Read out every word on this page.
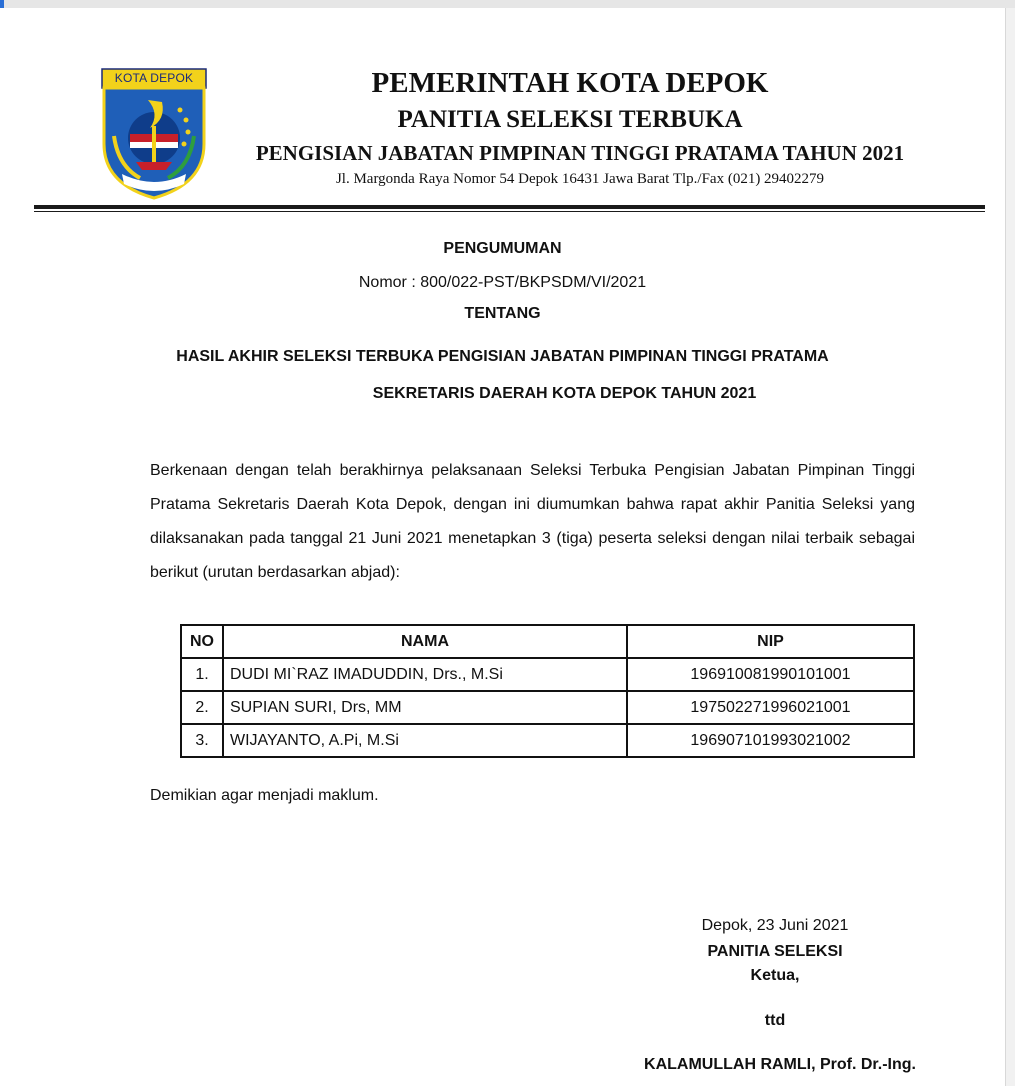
KOTA DEPOK	PEMERINTAH KOTA DEPOK
PANITIA SELEKSI TERBUKA
PENGISIAN JABATAN PIMPINAN TINGGI PRATAMA TAHUN 2021
Jl. Margonda Raya Nomor 54 Depok 16431 Jawa Barat Tlp./Fax (021) 29402279
PENGUMUMAN
Nomor : 800/022-PST/BKPSDM/VI/2021
TENTANG
HASIL AKHIR SELEKSI TERBUKA PENGISIAN JABATAN PIMPINAN TINGGI PRATAMA
SEKRETARIS DAERAH KOTA DEPOK TAHUN 2021
Berkenaan dengan telah berakhirnya pelaksanaan Seleksi Terbuka Pengisian Jabatan Pimpinan Tinggi
Pratama Sekretaris Daerah Kota Depok, dengan ini diumumkan bahwa rapat akhir Panitia Seleksi yang
dilaksanakan pada tanggal 21 Juni 2021 menetapkan 3 (tiga) peserta seleksi dengan nilai terbaik sebagai
berikut (urutan berdasarkan abjad):
NO	NAMA	NIP
1.	DUDI MI`RAZ IMADUDDIN, Drs., M.Si	196910081990101001
2.	SUPIAN SURI, Drs, MM	197502271996021001
3.	WIJAYANTO, A.Pi, M.Si	196907101993021002
Demikian agar menjadi maklum.
Depok, 23 Juni 2021
PANITIA SELEKSI
Ketua,
ttd
KALAMULLAH RAMLI, Prof. Dr.-Ing.
